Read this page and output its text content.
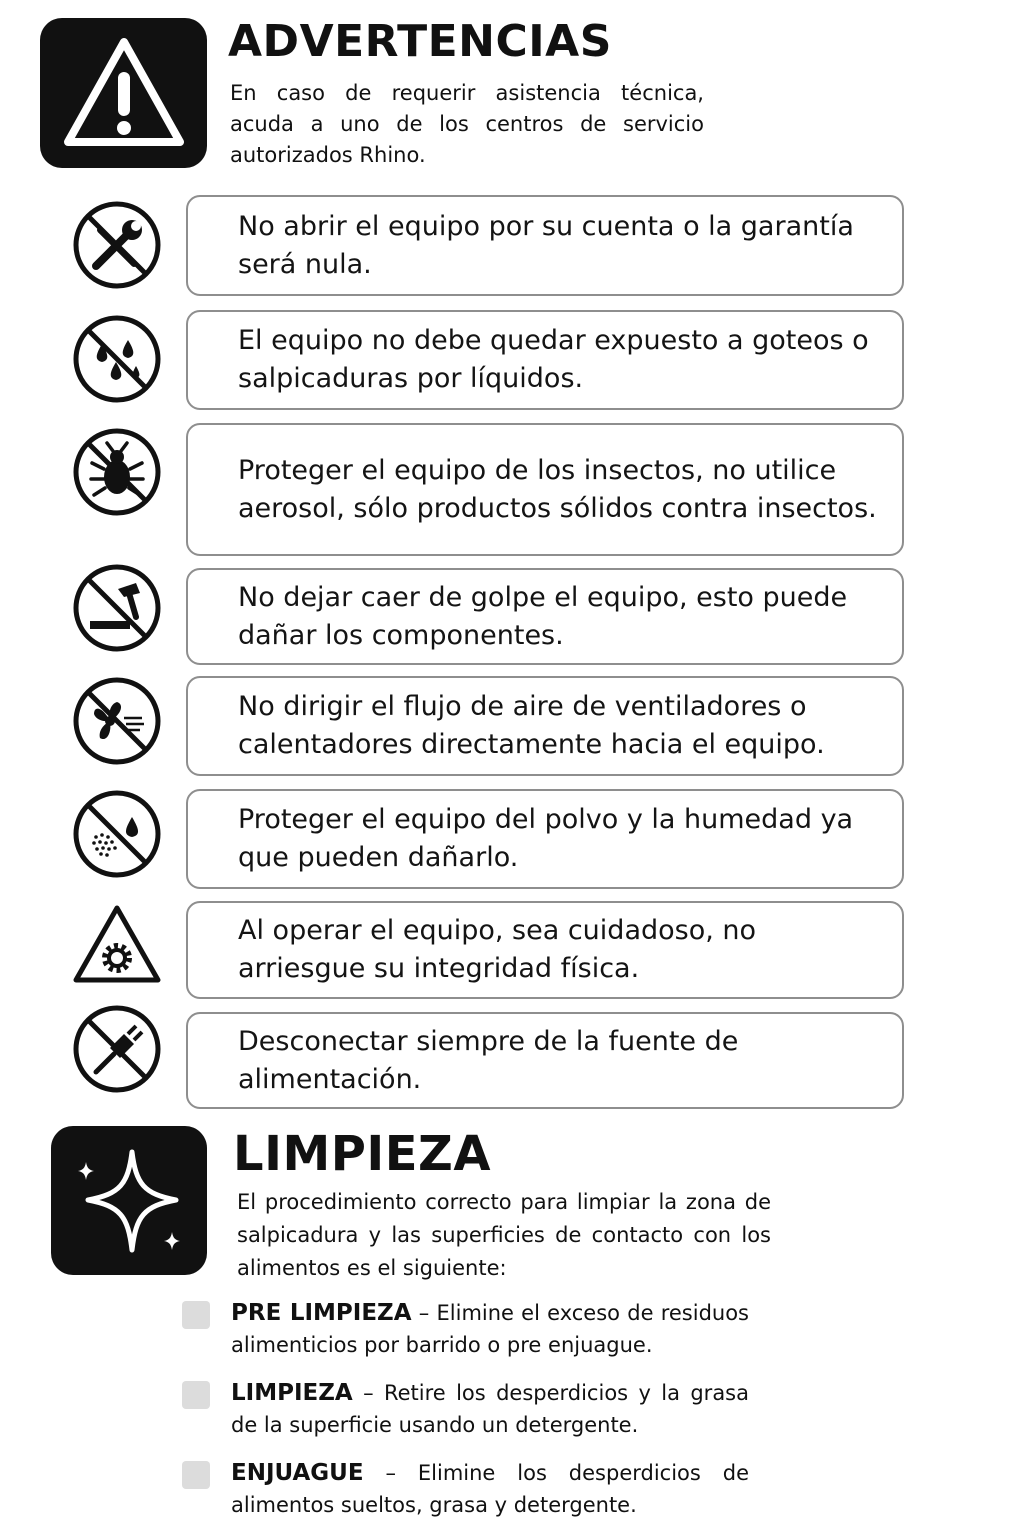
ADVERTENCIAS
En caso de requerir asistencia técnica, acuda a uno de los centros de servicio autorizados Rhino.
No abrir el equipo por su cuenta o la garantía será nula.
El equipo no debe quedar expuesto a goteos o salpicaduras por líquidos.
Proteger el equipo de los insectos, no utilice aerosol, sólo productos sólidos contra insectos.
No dejar caer de golpe el equipo, esto puede dañar los componentes.
No dirigir el flujo de aire de ventiladores o calentadores directamente hacia el equipo.
Proteger el equipo del polvo y la humedad ya que pueden dañarlo.
Al operar el equipo, sea cuidadoso, no arriesgue su integridad física.
Desconectar siempre de la fuente de alimentación.
LIMPIEZA
El procedimiento correcto para limpiar la zona de salpicadura y las superficies de contacto con los alimentos es el siguiente:
PRE LIMPIEZA – Elimine el exceso de residuos alimenticios por barrido o pre enjuague.
LIMPIEZA – Retire los desperdicios y la grasa de la superficie usando un detergente.
ENJUAGUE – Elimine los desperdicios de alimentos sueltos, grasa y detergente.
